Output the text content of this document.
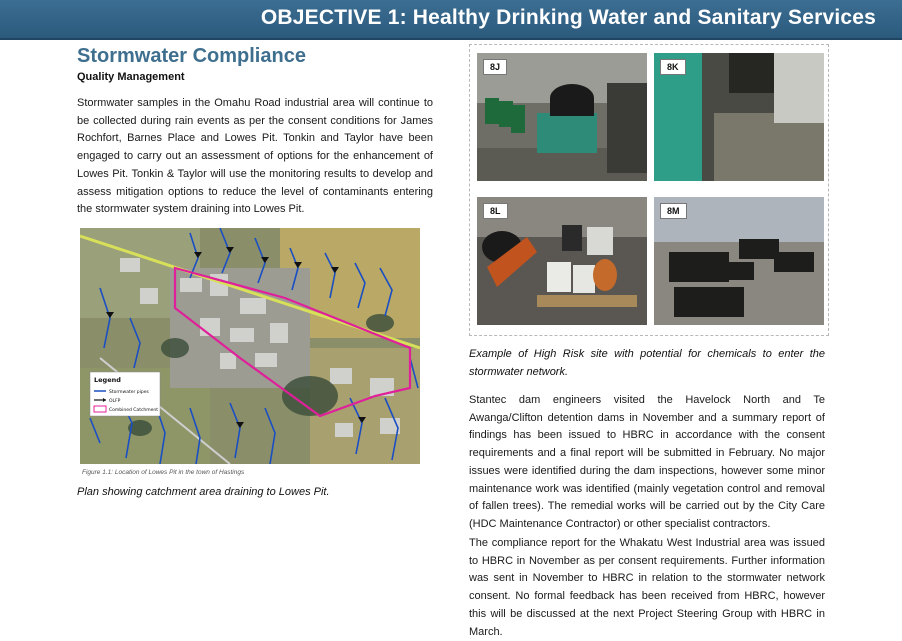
OBJECTIVE 1: Healthy Drinking Water and Sanitary Services
Stormwater Compliance
Quality Management

Stormwater samples in the Omahu Road industrial area will continue to be collected during rain events as per the consent conditions for James Rochfort, Barnes Place and Lowes Pit. Tonkin and Taylor have been engaged to carry out an assessment of options for the enhancement of Lowes Pit. Tonkin & Taylor will use the monitoring results to develop and assess mitigation options to reduce the level of contaminants entering the stormwater system draining into Lowes Pit.

Legend
Stormwater pipes
OLFP
Combined Catchment
Figure 1.1: Location of Lowes Pit in the town of Hastings
Plan showing catchment area draining to Lowes Pit.
8J	8K
8L	8M

Example of High Risk site with potential for chemicals to enter the stormwater network.

Stantec dam engineers visited the Havelock North and Te Awanga/Clifton detention dams in November and a summary report of findings has been issued to HBRC in accordance with the consent requirements and a final report will be submitted in February. No major issues were identified during the dam inspections, however some minor maintenance work was identified (mainly vegetation control and removal of fallen trees). The remedial works will be carried out by the City Care (HDC Maintenance Contractor) or other specialist contractors.

The compliance report for the Whakatu West Industrial area was issued to HBRC in November as per consent requirements. Further information was sent in November to HBRC in relation to the stormwater network consent. No formal feedback has been received from HBRC, however this will be discussed at the next Project Steering Group with HBRC in March.
